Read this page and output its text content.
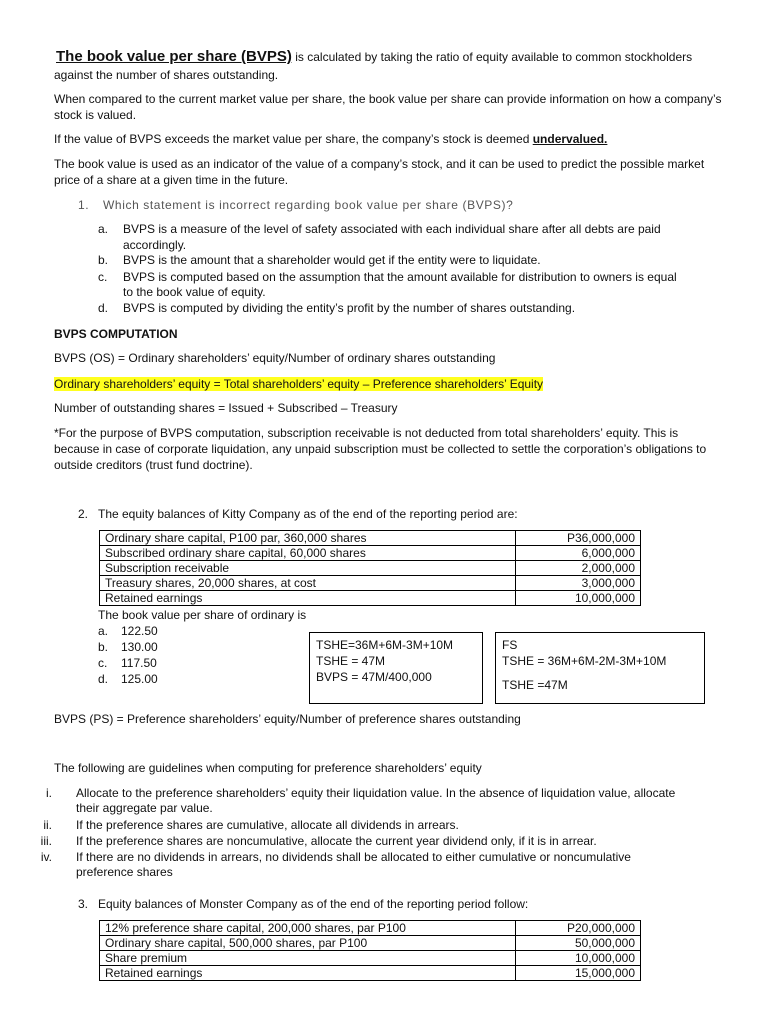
The book value per share (BVPS) is calculated by taking the ratio of equity available to common stockholders
against the number of shares outstanding.
When compared to the current market value per share, the book value per share can provide information on how a company’s stock is valued.
If the value of BVPS exceeds the market value per share, the company’s stock is deemed undervalued.
The book value is used as an indicator of the value of a company’s stock, and it can be used to predict the possible market price of a share at a given time in the future.
1. Which statement is incorrect regarding book value per share (BVPS)?
a. BVPS is a measure of the level of safety associated with each individual share after all debts are paid
accordingly.
b. BVPS is the amount that a shareholder would get if the entity were to liquidate.
c. BVPS is computed based on the assumption that the amount available for distribution to owners is equal
to the book value of equity.
d. BVPS is computed by dividing the entity’s profit by the number of shares outstanding.
BVPS COMPUTATION
BVPS (OS) = Ordinary shareholders’ equity/Number of ordinary shares outstanding
Ordinary shareholders’ equity = Total shareholders’ equity – Preference shareholders’ Equity
Number of outstanding shares = Issued + Subscribed – Treasury
*For the purpose of BVPS computation, subscription receivable is not deducted from total shareholders’ equity. This is because in case of corporate liquidation, any unpaid subscription must be collected to settle the corporation’s obligations to outside creditors (trust fund doctrine).
2. The equity balances of Kitty Company as of the end of the reporting period are:
Ordinary share capital, P100 par, 360,000 shares	P36,000,000
Subscribed ordinary share capital, 60,000 shares	6,000,000
Subscription receivable	2,000,000
Treasury shares, 20,000 shares, at cost	3,000,000
Retained earnings	10,000,000
The book value per share of ordinary is
a. 122.50
b. 130.00
c. 117.50
d. 125.00
TSHE=36M+6M-3M+10M
TSHE = 47M
BVPS = 47M/400,000
FS
TSHE = 36M+6M-2M-3M+10M
TSHE =47M
BVPS (PS) = Preference shareholders’ equity/Number of preference shares outstanding
The following are guidelines when computing for preference shareholders’ equity
i. Allocate to the preference shareholders’ equity their liquidation value. In the absence of liquidation value, allocate
their aggregate par value.
ii. If the preference shares are cumulative, allocate all dividends in arrears.
iii. If the preference shares are noncumulative, allocate the current year dividend only, if it is in arrear.
iv. If there are no dividends in arrears, no dividends shall be allocated to either cumulative or noncumulative
preference shares
3. Equity balances of Monster Company as of the end of the reporting period follow:
12% preference share capital, 200,000 shares, par P100	P20,000,000
Ordinary share capital, 500,000 shares, par P100	50,000,000
Share premium	10,000,000
Retained earnings	15,000,000
